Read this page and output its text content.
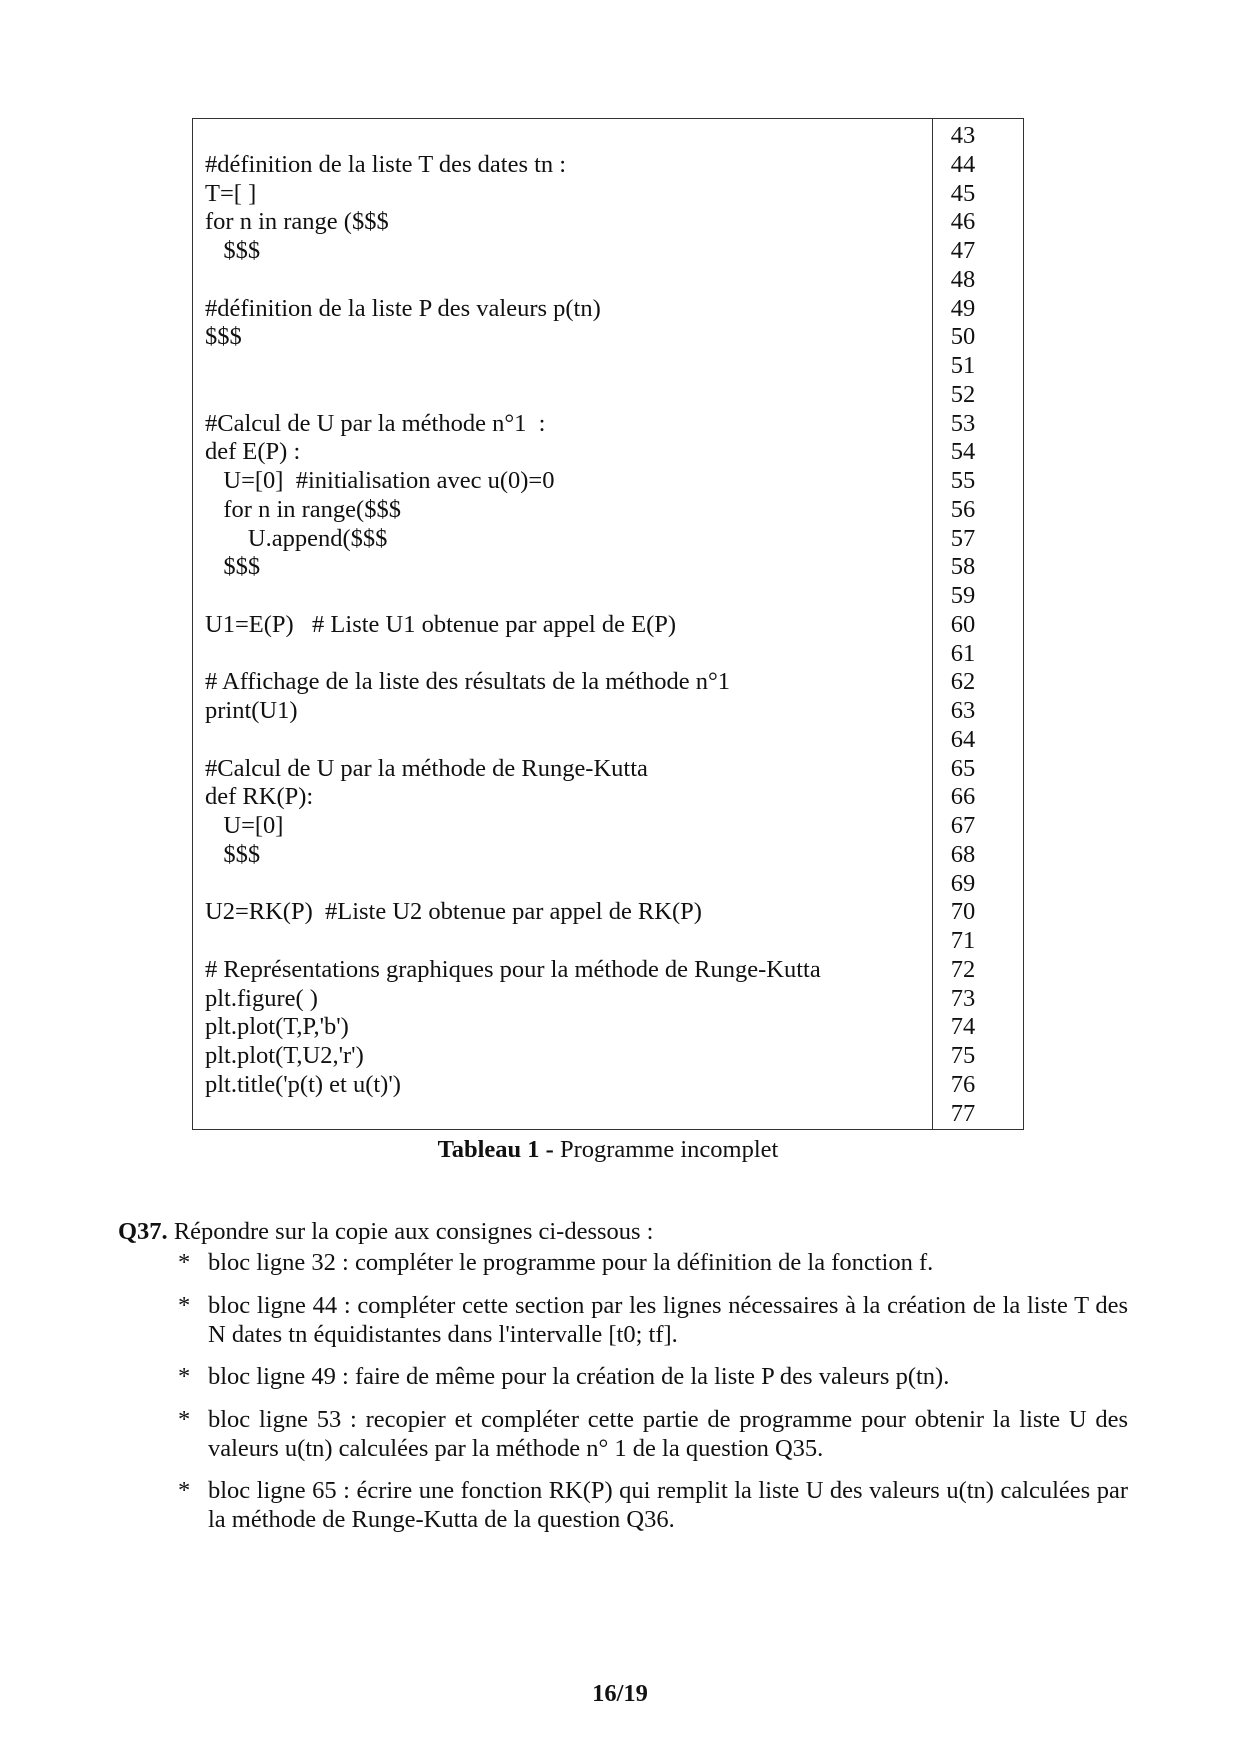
#définition de la liste T des dates tn :
T=[ ]
for n in range ($$$
$$$
#définition de la liste P des valeurs p(tn)
$$$
#Calcul de U par la méthode n°1  :
def E(P) :
U=[0]  #initialisation avec u(0)=0
for n in range($$$
U.append($$$
$$$
U1=E(P)   # Liste U1 obtenue par appel de E(P)
# Affichage de la liste des résultats de la méthode n°1
print(U1)
#Calcul de U par la méthode de Runge-Kutta
def RK(P):
U=[0]
$$$
U2=RK(P)  #Liste U2 obtenue par appel de RK(P)
# Représentations graphiques pour la méthode de Runge-Kutta
plt.figure( )
plt.plot(T,P,'b')
plt.plot(T,U2,'r')
plt.title('p(t) et u(t)')
43
44
45
46
47
48
49
50
51
52
53
54
55
56
57
58
59
60
61
62
63
64
65
66
67
68
69
70
71
72
73
74
75
76
77
Tableau 1 - Programme incomplet
Q37. Répondre sur la copie aux consignes ci-dessous :
* bloc ligne 32 : compléter le programme pour la définition de la fonction f.
* bloc ligne 44 : compléter cette section par les lignes nécessaires à la création de la liste T des N dates tn équidistantes dans l'intervalle [t0; tf].
* bloc ligne 49 : faire de même pour la création de la liste P des valeurs p(tn).
* bloc ligne 53 : recopier et compléter cette partie de programme pour obtenir la liste U des valeurs u(tn) calculées par la méthode n° 1 de la question Q35.
* bloc ligne 65 : écrire une fonction RK(P) qui remplit la liste U des valeurs u(tn) calculées par la méthode de Runge-Kutta de la question Q36.
16/19
